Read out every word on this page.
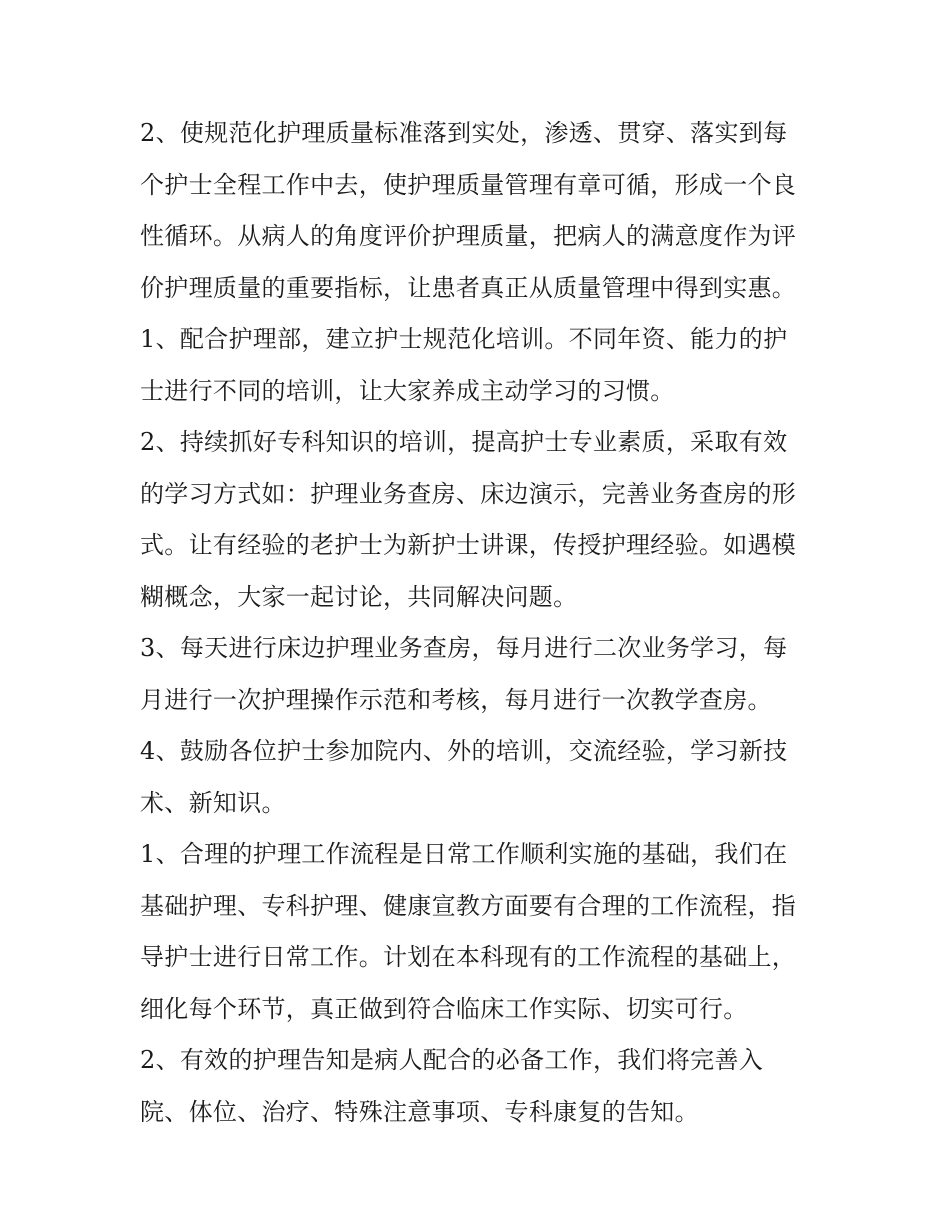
2、使规范化护理质量标准落到实处，渗透、贯穿、落实到每
个护士全程工作中去，使护理质量管理有章可循，形成一个良
性循环。从病人的角度评价护理质量，把病人的满意度作为评
价护理质量的重要指标，让患者真正从质量管理中得到实惠。
1、配合护理部，建立护士规范化培训。不同年资、能力的护
士进行不同的培训，让大家养成主动学习的习惯。
2、持续抓好专科知识的培训，提高护士专业素质，采取有效
的学习方式如：护理业务查房、床边演示，完善业务查房的形
式。让有经验的老护士为新护士讲课，传授护理经验。如遇模
糊概念，大家一起讨论，共同解决问题。
3、每天进行床边护理业务查房，每月进行二次业务学习，每
月进行一次护理操作示范和考核，每月进行一次教学查房。
4、鼓励各位护士参加院内、外的培训，交流经验，学习新技
术、新知识。
1、合理的护理工作流程是日常工作顺利实施的基础，我们在
基础护理、专科护理、健康宣教方面要有合理的工作流程，指
导护士进行日常工作。计划在本科现有的工作流程的基础上，
细化每个环节，真正做到符合临床工作实际、切实可行。
2、有效的护理告知是病人配合的必备工作，我们将完善入
院、体位、治疗、特殊注意事项、专科康复的告知。
